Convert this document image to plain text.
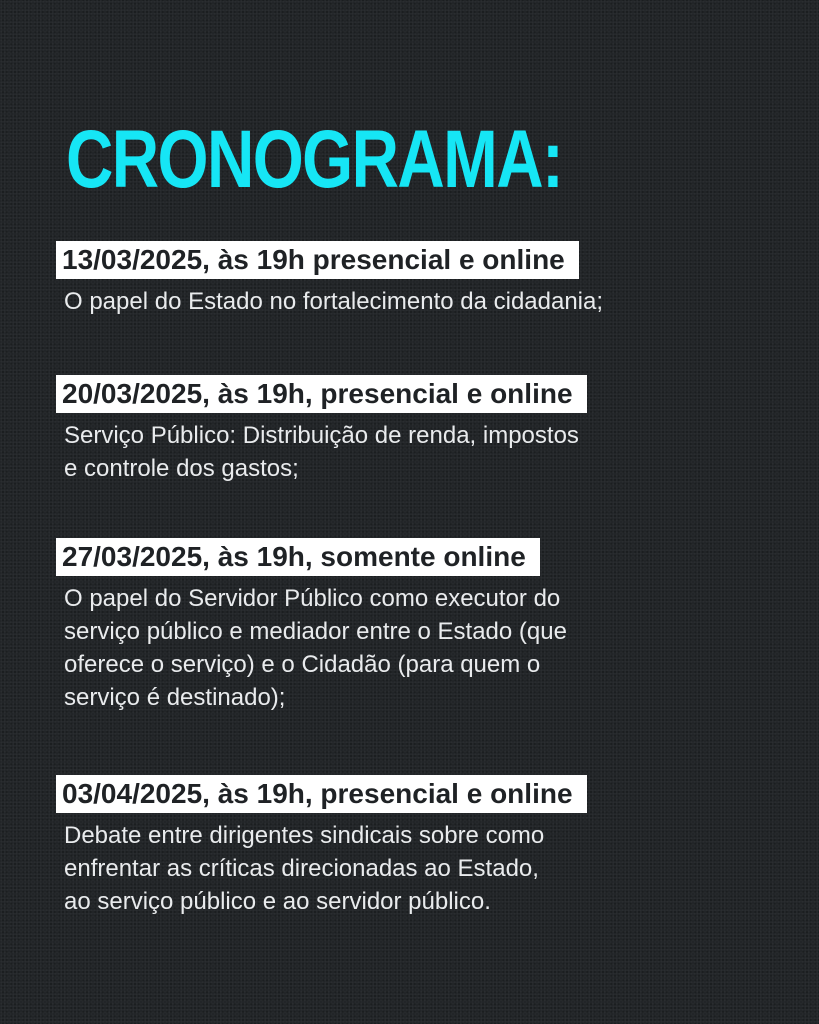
CRONOGRAMA:
13/03/2025, às 19h presencial e online
O papel do Estado no fortalecimento da cidadania;
20/03/2025, às 19h, presencial e online
Serviço Público: Distribuição de renda, impostos
e controle dos gastos;
27/03/2025, às 19h, somente online
O papel do Servidor Público como executor do
serviço público e mediador entre o Estado (que
oferece o serviço) e o Cidadão (para quem o
serviço é destinado);
03/04/2025, às 19h, presencial e online
Debate entre dirigentes sindicais sobre como
enfrentar as críticas direcionadas ao Estado,
ao serviço público e ao servidor público.
